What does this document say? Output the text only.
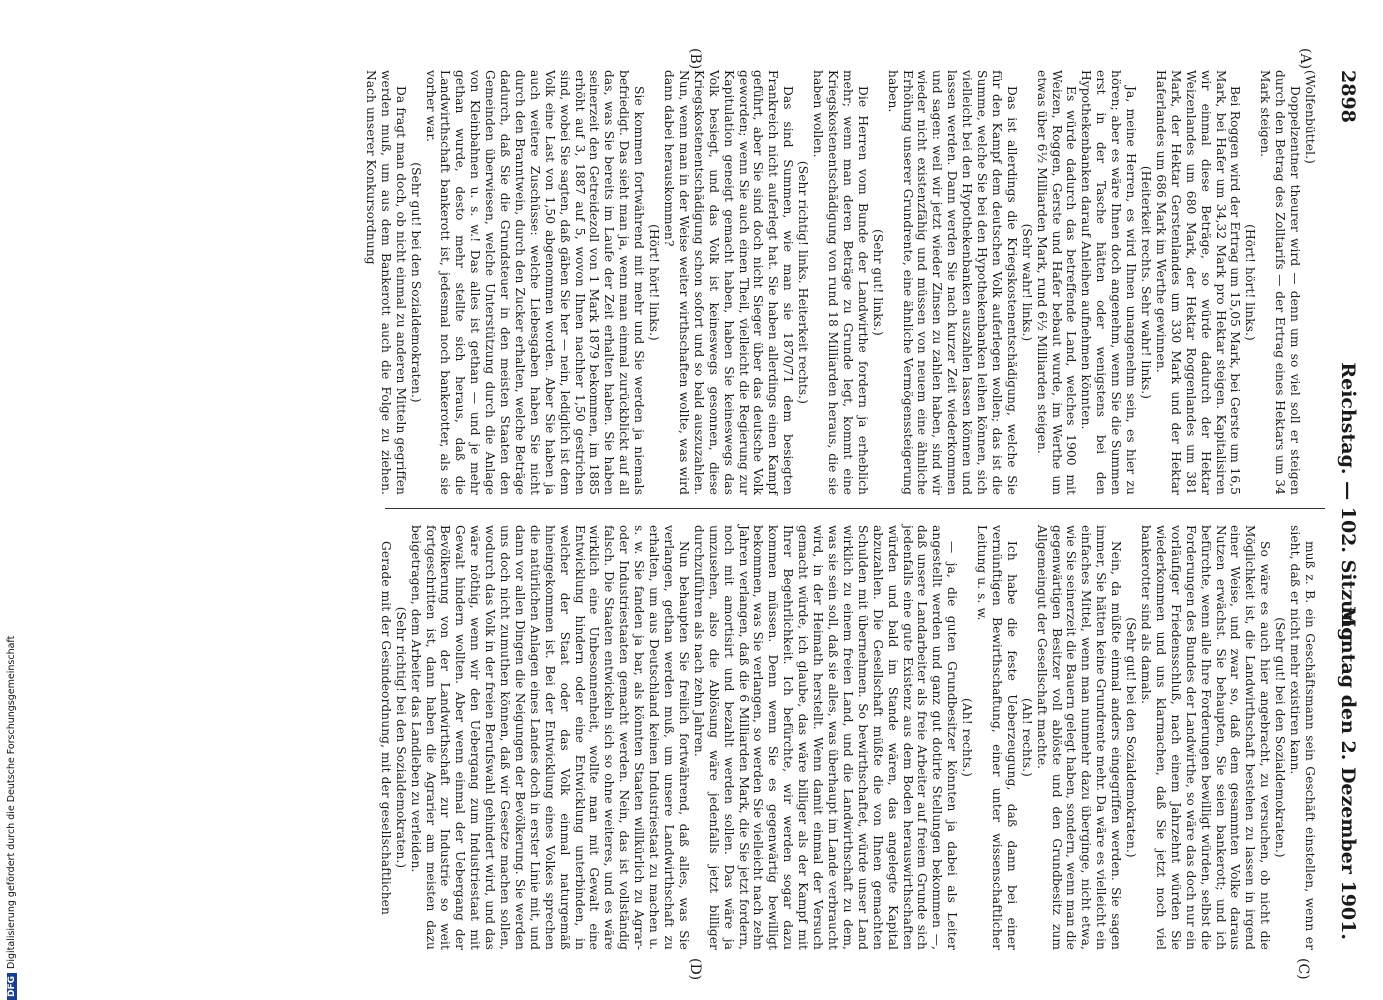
2898
Reichstag. — 102. Sitzung.
Montag den 2. Dezember 1901.
(A)
(B)
(C)
(D)

(Wolfenbüttel.)

Doppelzentner theurer wird — denn um so viel soll er steigen durch den Betrag des Zolltarifs — der Ertrag eines Hektars um 34 Mark steigen.

(Hört! hört! links.)

Bei Roggen wird der Ertrag um 15,05 Mark, bei Gerste um 16,5 Mark, bei Hafer um 34,32 Mark pro Hektar steigen. Kapitalisiren wir einmal diese Beträge, so würde dadurch der Hektar Weizenlandes um 680 Mark, der Hektar Roggenlandes um 381 Mark, der Hektar Gerstenlandes um 330 Mark und der Hektar Haferlandes um 686 Mark im Werthe gewinnen.

(Heiterkeit rechts. Sehr wahr! links.)

Ja, meine Herren, es wird Ihnen unangenehm sein, es hier zu hören; aber es wäre Ihnen doch angenehm, wenn Sie die Summen erst in der Tasche hätten oder wenigstens bei den Hypothekenbanken darauf Anleihen aufnehmen könnten.

Es würde dadurch das betreffende Land, welches 1900 mit Weizen, Roggen, Gerste und Hafer bebaut wurde, im Werthe um etwas über 6½ Milliarden Mark, rund 6½ Milliarden steigen.

(Sehr wahr! links.)

Das ist allerdings die Kriegskostenentschädigung, welche Sie für den Kampf dem deutschen Volk auferlegen wollen; das ist die Summe, welche Sie bei den Hypothekenbanken leihen können, sich vielleicht bei den Hypothekenbanken auszahlen lassen können und lassen werden. Dann werden Sie nach kurzer Zeit wiederkommen und sagen: weil wir jetzt wieder Zinsen zu zahlen haben, sind wir wieder nicht existenzfähig und müssen von neuem eine ähnliche Erhöhung unserer Grundrente, eine ähnliche Vermögenssteigerung haben.

(Sehr gut! links.)

Die Herren vom Bunde der Landwirthe fordern ja erheblich mehr; wenn man deren Beträge zu Grunde legt, kommt eine Kriegskostenentschädigung von rund 18 Milliarden heraus, die sie haben wollen.

(Sehr richtig! links. Heiterkeit rechts.)

Das sind Summen, wie man sie 1870/71 dem besiegten Frankreich nicht auferlegt hat. Sie haben allerdings einen Kampf geführt, aber Sie sind doch nicht Sieger über das deutsche Volk geworden; wenn Sie auch einen Theil, vielleicht die Regierung zur Kapitulation geneigt gemacht haben, haben Sie keineswegs das Volk besiegt, und das Volk ist keineswegs gesonnen, diese Kriegskostenentschädigung schon sofort und so bald auszuzahlen. Nun, wenn man in der Weise weiter wirthschaften wollte, was wird dann dabei herauskommen?

(Hört! hört! links.)

Sie kommen fortwährend mit mehr und Sie werden ja niemals befriedigt. Das sieht man ja, wenn man einmal zurückblickt auf all das, was Sie bereits im Laufe der Zeit erhalten haben. Sie haben seinerzeit den Getreidezoll von 1 Mark 1879 bekommen, im 1885 erhöht auf 3, 1887 auf 5, wovon Ihnen nachher 1,50 gestrichen sind, wobei Sie sagten, daß gäben Sie her — nein, lediglich ist dem Volk eine Last von 1,50 abgenommen worden. Aber Sie haben ja auch weitere Zuschüsse: welche Liebesgaben haben Sie nicht durch den Branntwein, durch den Zucker erhalten, welche Beträge dadurch, daß Sie die Grundsteuer in den meisten Staaten den Gemeinden überwiesen, welche Unterstützung durch die Anlage von Kleinbahnen u. s. w.! Das alles ist gethan — und je mehr gethan wurde, desto mehr stellte sich heraus, daß die Landwirthschaft bankerott ist, jedesmal noch bankerotter, als sie vorher war.

(Sehr gut! bei den Sozialdemokraten.)

Da fragt man doch, ob nicht einmal zu anderen Mitteln gegriffen werden muß, um aus dem Bankerott auch die Folge zu ziehen. Nach unserer Konkursordnung

muß z. B. ein Geschäftsmann sein Geschäft einstellen, wenn er sieht, daß er nicht mehr existiren kann.

(Sehr gut! bei den Sozialdemokraten.)

So wäre es auch hier angebracht, zu versuchen, ob nicht die Möglichkeit ist, die Landwirthschaft bestehen zu lassen in irgend einer Weise, und zwar so, daß dem gesammten Volke daraus Nutzen erwächst. Sie behaupten, Sie seien bankerott; und ich befürchte, wenn alle Ihre Forderungen bewilligt würden, selbst die Forderungen des Bundes der Landwirthe, so wäre das doch nur ein vorläufiger Friedensschluß, nach einem Jahrzehnt würden Sie wiederkommen und uns klarmachen, daß Sie jetzt noch viel bankerotter sind als damals.

(Sehr gut! bei den Sozialdemokraten.)

Nein, da müßte einmal anders eingegriffen werden. Sie sagen immer, Sie hätten keine Grundrente mehr. Da wäre es vielleicht ein einfaches Mittel, wenn man nunmehr dazu überginge, nicht etwa, wie Sie seinerzeit die Bauern gelegt haben, sondern, wenn man die gegenwärtigen Besitzer voll ablöste und den Grundbesitz zum Allgemeingut der Gesellschaft machte.

(Ah! rechts.)

Ich habe die feste Ueberzeugung, daß dann bei einer vernünftigen Bewirthschaftung, einer unter wissenschaftlicher Leitung u. s. w.

(Ah! rechts.)

— ja, die guten Grundbesitzer könnten ja dabei als Leiter angestellt werden und ganz gut dotirte Stellungen bekommen —, daß unsere Landarbeiter als freie Arbeiter auf freiem Grunde sich jedenfalls eine gute Existenz aus dem Boden herauswirthschaften würden und bald im Stande wären, das angelegte Kapital abzuzahlen. Die Gesellschaft müßte die von Ihnen gemachten Schulden mit übernehmen. So bewirthschaftet, würde unser Land wirklich zu einem freien Land, und die Landwirthschaft zu dem, was sie sein soll, daß sie alles, was überhaupt im Lande verbraucht wird, in der Heimath herstellt. Wenn damit einmal der Versuch gemacht würde, ich glaube, das wäre billiger als der Kampf mit Ihrer Begehrlichkeit. Ich befürchte, wir werden sogar dazu kommen müssen. Denn wenn Sie es gegenwärtig bewilligt bekommen, was Sie verlangen, so werden Sie vielleicht nach zehn Jahren verlangen, daß die 6 Milliarden Mark, die Sie jetzt fordern, noch mit amortisirt und bezahlt werden sollen. Das wäre ja umzusehen, also die Ablösung wäre jedenfalls jetzt billiger durchzuführen als nach zehn Jahren.

Nun behaupten Sie freilich fortwährend, daß alles, was Sie verlangen, gethan werden muß, um unsere Landwirthschaft zu erhalten, um aus Deutschland keinen Industriestaat zu machen u. s. w. Sie fanden ja bar, als könnten Staaten willkürlich zu Agrar- oder Industriestaaten gemacht werden. Nein, das ist vollständig falsch. Die Staaten entwickeln sich so ohne weiteres, und es wäre wirklich eine Unbesonnenheit, wollte man mit Gewalt eine Entwicklung hindern oder eine Entwicklung unterbinden, in welcher der Staat oder das Volk einmal naturgemäß hineingekommen ist. Bei der Entwicklung eines Volkes sprechen die natürlichen Anlagen eines Landes doch in erster Linie mit, und dann vor allen Dingen die Neigungen der Bevölkerung. Sie werden uns doch nicht zumuthen können, daß wir Gesetze machen sollen, wodurch das Volk in der freien Berufswahl gehindert wird, und das wäre nöthig, wenn wir den Uebergang zum Industriestaat mit Gewalt hindern wollten. Aber wenn einmal der Uebergang der Bevölkerung von der Landwirthschaft zur Industrie so weit fortgeschritten ist, dann haben die Agrarier am meisten dazu beigetragen, dem Arbeiter das Landleben zu verleiden.

(Sehr richtig! bei den Sozialdemokraten.)

Gerade mit der Gesindeordnung, mit der gesellschaftlichen

DFGDigitalisierung gefördert durch die Deutsche Forschungsgemeinschaft
